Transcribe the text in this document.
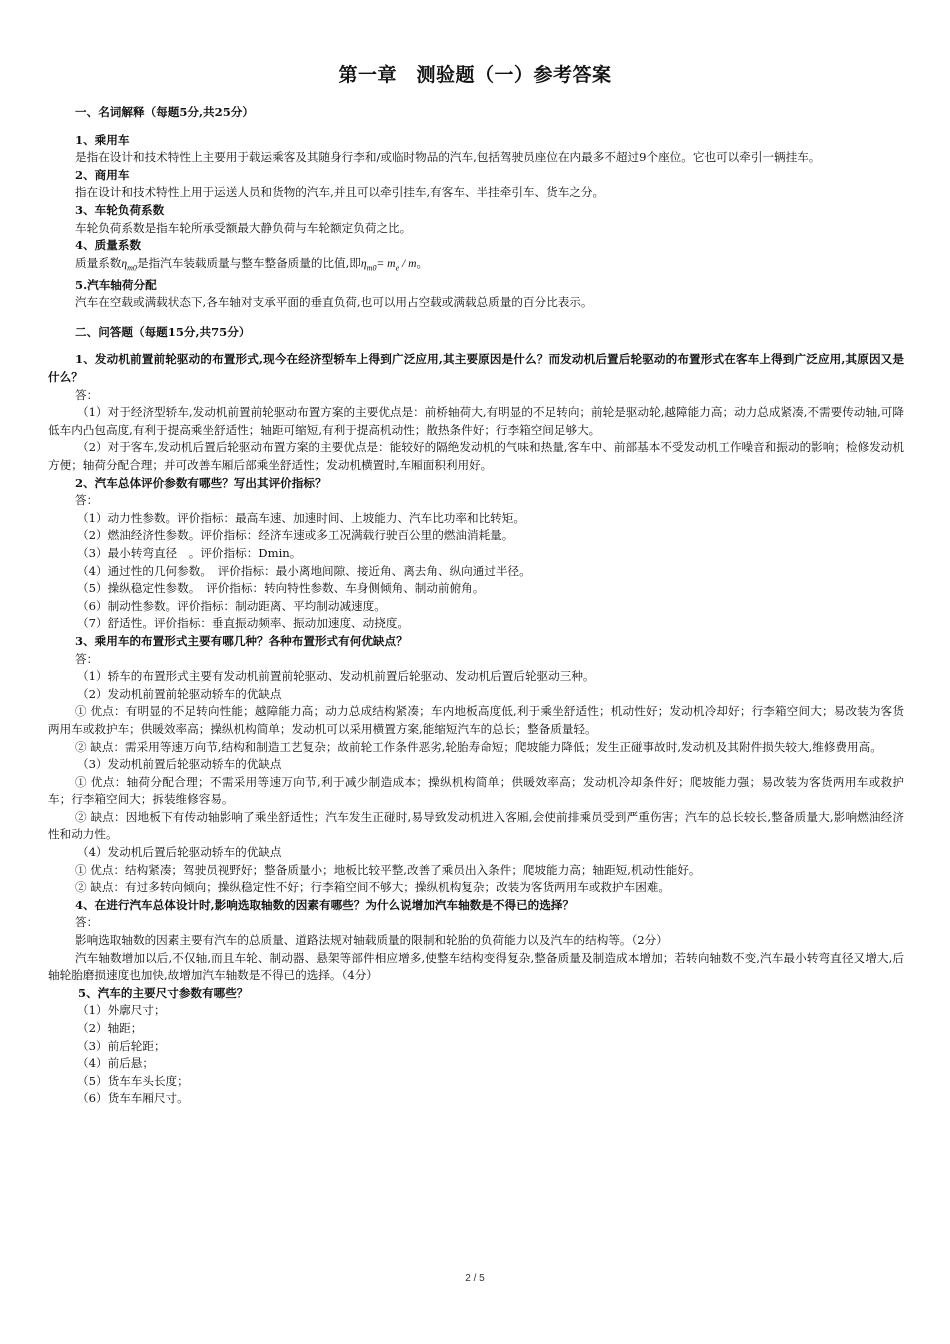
第一章　测验题（一）参考答案
一、名词解释（每题5分,共25分）
1、乘用车
是指在设计和技术特性上主要用于载运乘客及其随身行李和/或临时物品的汽车,包括驾驶员座位在内最多不超过9个座位。它也可以牵引一辆挂车。
2、商用车
指在设计和技术特性上用于运送人员和货物的汽车,并且可以牵引挂车,有客车、半挂牵引车、货车之分。
3、车轮负荷系数
车轮负荷系数是指车轮所承受额最大静负荷与车轮额定负荷之比。
4、质量系数
质量系数$\eta_{m0}$是指汽车装载质量与整车整备质量的比值,即$\eta_{m0}= m_e / m$。
5.汽车轴荷分配
汽车在空载或满载状态下,各车轴对支承平面的垂直负荷,也可以用占空载或满载总质量的百分比表示。
二、问答题（每题15分,共75分）
1、发动机前置前轮驱动的布置形式,现今在经济型轿车上得到广泛应用,其主要原因是什么？而发动机后置后轮驱动的布置形式在客车上得到广泛应用,其原因又是什么？
答：
（1）对于经济型轿车,发动机前置前轮驱动布置方案的主要优点是：前桥轴荷大,有明显的不足转向；前轮是驱动轮,越障能力高；动力总成紧凑,不需要传动轴,可降低车内凸包高度,有利于提高乘坐舒适性；轴距可缩短,有利于提高机动性；散热条件好；行李箱空间足够大。
（2）对于客车,发动机后置后轮驱动布置方案的主要优点是：能较好的隔绝发动机的气味和热量,客车中、前部基本不受发动机工作噪音和振动的影响；检修发动机方便；轴荷分配合理；并可改善车厢后部乘坐舒适性；发动机横置时,车厢面积利用好。
2、汽车总体评价参数有哪些？写出其评价指标？
答：
（1）动力性参数。评价指标：最高车速、加速时间、上坡能力、汽车比功率和比转矩。
（2）燃油经济性参数。评价指标：经济车速或多工况满载行驶百公里的燃油消耗量。
（3）最小转弯直径　。评价指标：Dmin。
（4）通过性的几何参数。　评价指标：最小离地间隙、接近角、离去角、纵向通过半径。
（5）操纵稳定性参数。　评价指标：转向特性参数、车身侧倾角、制动前俯角。
（6）制动性参数。评价指标：制动距离、平均制动减速度。
（7）舒适性。评价指标：垂直振动频率、振动加速度、动挠度。
3、乘用车的布置形式主要有哪几种？各种布置形式有何优缺点？
答：
（1）轿车的布置形式主要有发动机前置前轮驱动、发动机前置后轮驱动、发动机后置后轮驱动三种。
（2）发动机前置前轮驱动轿车的优缺点
① 优点：有明显的不足转向性能；越障能力高；动力总成结构紧凑；车内地板高度低,利于乘坐舒适性；机动性好；发动机冷却好；行李箱空间大；易改装为客货两用车或救护车；供暖效率高；操纵机构简单；发动机可以采用横置方案,能缩短汽车的总长；整备质量轻。
② 缺点：需采用等速万向节,结构和制造工艺复杂；故前轮工作条件恶劣,轮胎寿命短；爬坡能力降低；发生正碰事故时,发动机及其附件损失较大,维修费用高。
（3）发动机前置后轮驱动轿车的优缺点
① 优点：轴荷分配合理；不需采用等速万向节,利于减少制造成本；操纵机构简单；供暖效率高；发动机冷却条件好；爬坡能力强；易改装为客货两用车或救护车；行李箱空间大；拆装维修容易。
② 缺点：因地板下有传动轴影响了乘坐舒适性；汽车发生正碰时,易导致发动机进入客厢,会使前排乘员受到严重伤害；汽车的总长较长,整备质量大,影响燃油经济性和动力性。
（4）发动机后置后轮驱动轿车的优缺点
① 优点：结构紧凑；驾驶员视野好；整备质量小；地板比较平整,改善了乘员出入条件；爬坡能力高；轴距短,机动性能好。
② 缺点：有过多转向倾向；操纵稳定性不好；行李箱空间不够大；操纵机构复杂；改装为客货两用车或救护车困难。
4、在进行汽车总体设计时,影响选取轴数的因素有哪些？为什么说增加汽车轴数是不得已的选择？
答：
影响选取轴数的因素主要有汽车的总质量、道路法规对轴载质量的限制和轮胎的负荷能力以及汽车的结构等。（2分）
汽车轴数增加以后,不仅轴,而且车轮、制动器、悬架等部件相应增多,使整车结构变得复杂,整备质量及制造成本增加；若转向轴数不变,汽车最小转弯直径又增大,后轴轮胎磨损速度也加快,故增加汽车轴数是不得已的选择。（4分）
5、汽车的主要尺寸参数有哪些？
（1）外廓尺寸；
（2）轴距；
（3）前后轮距；
（4）前后悬；
（5）货车车头长度；
（6）货车车厢尺寸。
2 / 5
